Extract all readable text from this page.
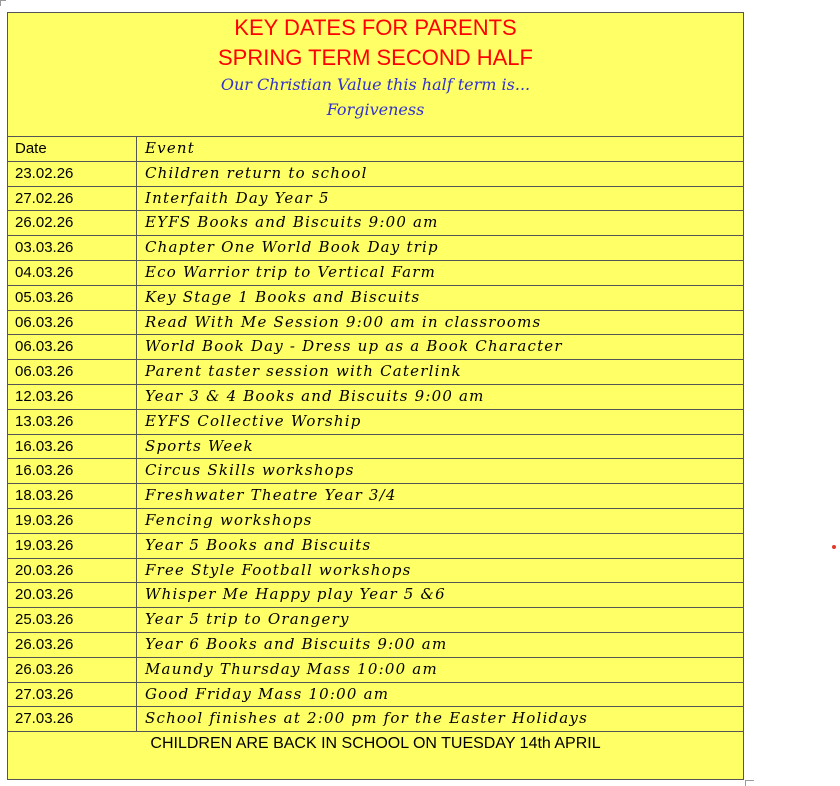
KEY DATES FOR PARENTS
SPRING TERM SECOND HALF
Our Christian Value this half term is...
Forgiveness
Date	Event
23.02.26	Children return to school
27.02.26	Interfaith Day Year 5
26.02.26	EYFS Books and Biscuits 9:00 am
03.03.26	Chapter One World Book Day trip
04.03.26	Eco Warrior trip to Vertical Farm
05.03.26	Key Stage 1 Books and Biscuits
06.03.26	Read With Me Session 9:00 am in classrooms
06.03.26	World Book Day - Dress up as a Book Character
06.03.26	Parent taster session with Caterlink
12.03.26	Year 3 & 4 Books and Biscuits 9:00 am
13.03.26	EYFS Collective Worship
16.03.26	Sports Week
16.03.26	Circus Skills workshops
18.03.26	Freshwater Theatre Year 3/4
19.03.26	Fencing workshops
19.03.26	Year 5 Books and Biscuits
20.03.26	Free Style Football workshops
20.03.26	Whisper Me Happy play Year 5 &6
25.03.26	Year 5 trip to Orangery
26.03.26	Year 6 Books and Biscuits 9:00 am
26.03.26	Maundy Thursday Mass 10:00 am
27.03.26	Good Friday Mass 10:00 am
27.03.26	School finishes at 2:00 pm for the Easter Holidays
CHILDREN ARE BACK IN SCHOOL ON TUESDAY 14th APRIL
